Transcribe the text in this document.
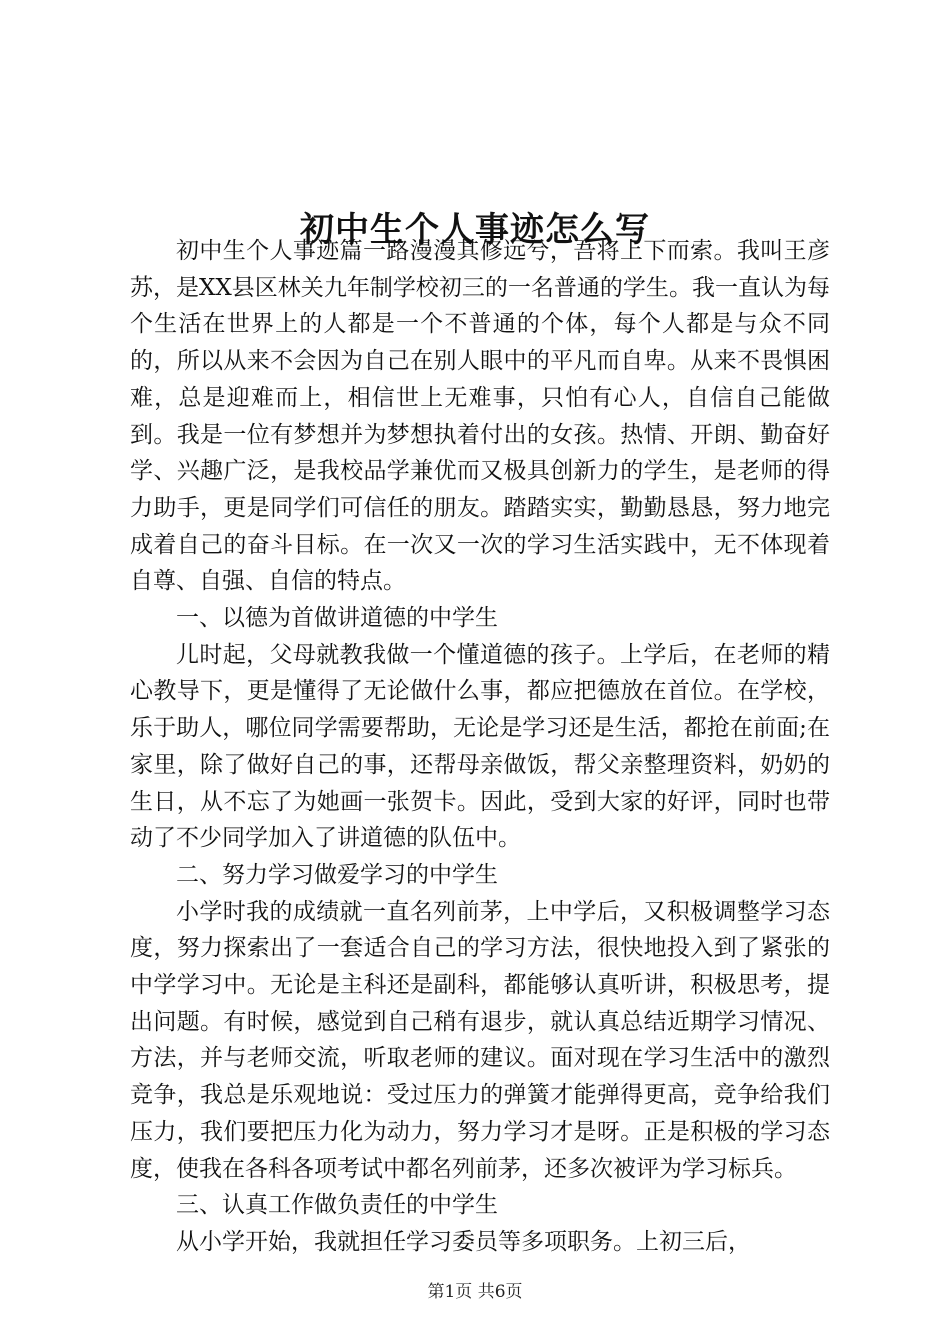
初中生个人事迹怎么写

初中生个人事迹篇一路漫漫其修远兮，吾将上下而索。我叫王彦苏，是XX县区林关九年制学校初三的一名普通的学生。我一直认为每个生活在世界上的人都是一个不普通的个体，每个人都是与众不同的，所以从来不会因为自己在别人眼中的平凡而自卑。从来不畏惧困难，总是迎难而上，相信世上无难事，只怕有心人，自信自己能做到。我是一位有梦想并为梦想执着付出的女孩。热情、开朗、勤奋好学、兴趣广泛，是我校品学兼优而又极具创新力的学生，是老师的得力助手，更是同学们可信任的朋友。踏踏实实，勤勤恳恳，努力地完成着自己的奋斗目标。在一次又一次的学习生活实践中，无不体现着自尊、自强、自信的特点。

一、以德为首做讲道德的中学生

儿时起，父母就教我做一个懂道德的孩子。上学后，在老师的精心教导下，更是懂得了无论做什么事，都应把德放在首位。在学校，乐于助人，哪位同学需要帮助，无论是学习还是生活，都抢在前面;在家里，除了做好自己的事，还帮母亲做饭，帮父亲整理资料，奶奶的生日，从不忘了为她画一张贺卡。因此，受到大家的好评，同时也带动了不少同学加入了讲道德的队伍中。

二、努力学习做爱学习的中学生

小学时我的成绩就一直名列前茅，上中学后，又积极调整学习态度，努力探索出了一套适合自己的学习方法，很快地投入到了紧张的中学学习中。无论是主科还是副科，都能够认真听讲，积极思考，提出问题。有时候，感觉到自己稍有退步，就认真总结近期学习情况、方法，并与老师交流，听取老师的建议。面对现在学习生活中的激烈竞争，我总是乐观地说：受过压力的弹簧才能弹得更高，竞争给我们压力，我们要把压力化为动力，努力学习才是呀。正是积极的学习态度，使我在各科各项考试中都名列前茅，还多次被评为学习标兵。

三、认真工作做负责任的中学生

从小学开始，我就担任学习委员等多项职务。上初三后，

第1页 共6页
